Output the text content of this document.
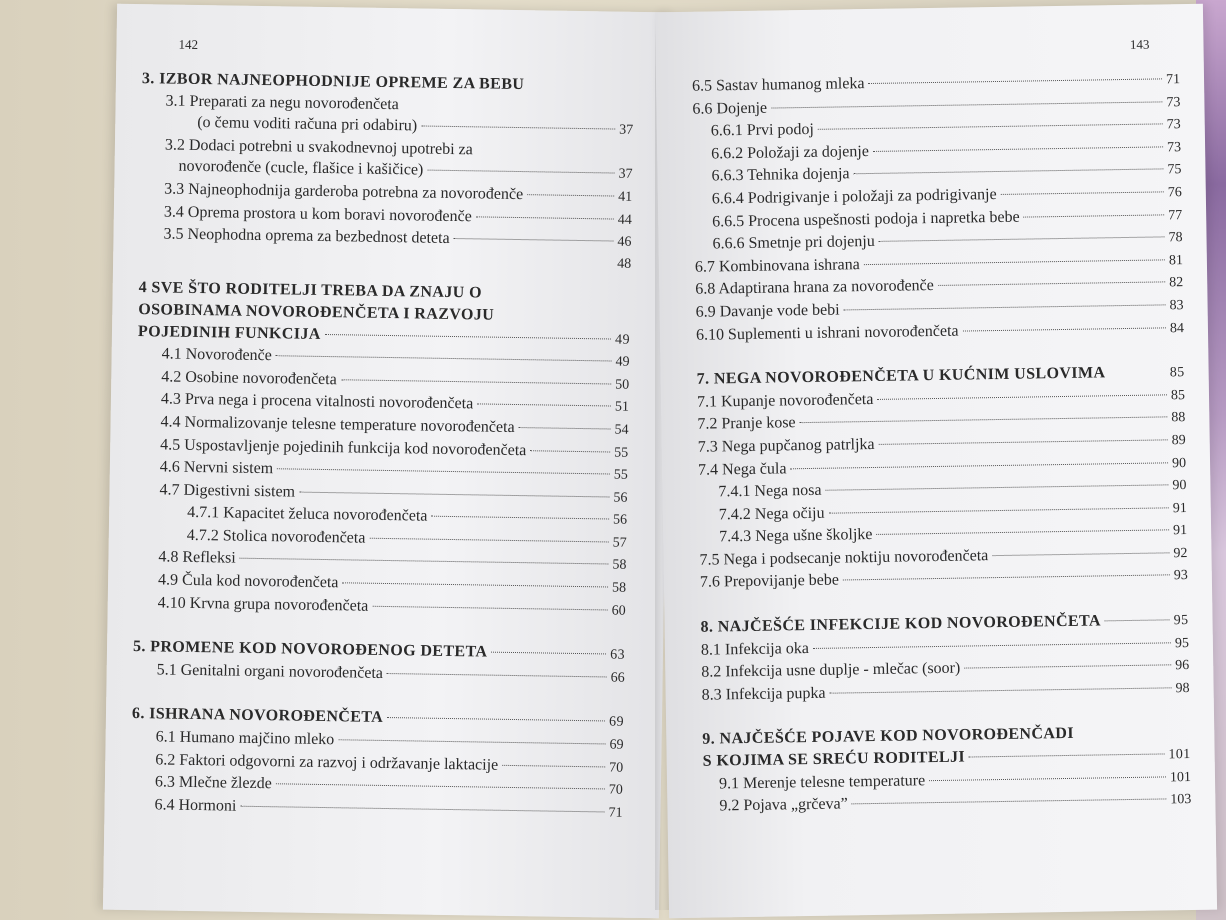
142
3. IZBOR NAJNEOPHODNIJE OPREME ZA BEBU
3.1 Preparati za negu novorođenčeta
(o čemu voditi računa pri odabiru)	37
3.2 Dodaci potrebni u svakodnevnoj upotrebi za
novorođenče (cucle, flašice i kašičice)	37
3.3 Najneophodnija garderoba potrebna za novorođenče	41
3.4 Oprema prostora u kom boravi novorođenče	44
3.5 Neophodna oprema za bezbednost deteta	46
48
4 SVE ŠTO RODITELJI TREBA DA ZNAJU O
OSOBINAMA NOVOROĐENČETA I RAZVOJU
POJEDINIH FUNKCIJA	49
4.1 Novorođenče	49
4.2 Osobine novorođenčeta	50
4.3 Prva nega i procena vitalnosti novorođenčeta	51
4.4 Normalizovanje telesne temperature novorođenčeta	54
4.5 Uspostavljenje pojedinih funkcija kod novorođenčeta	55
4.6 Nervni sistem	55
4.7 Digestivni sistem	56
4.7.1 Kapacitet želuca novorođenčeta	56
4.7.2 Stolica novorođenčeta	57
4.8 Refleksi	58
4.9 Čula kod novorođenčeta	58
4.10 Krvna grupa novorođenčeta	60
5. PROMENE KOD NOVOROĐENOG DETETA	63
5.1 Genitalni organi novorođenčeta	66
6. ISHRANA NOVOROĐENČETA	69
6.1 Humano majčino mleko	69
6.2 Faktori odgovorni za razvoj i održavanje laktacije	70
6.3 Mlečne žlezde	70
6.4 Hormoni	71
143
6.5 Sastav humanog mleka	71
6.6 Dojenje	73
6.6.1 Prvi podoj	73
6.6.2 Položaji za dojenje	73
6.6.3 Tehnika dojenja	75
6.6.4 Podrigivanje i položaji za podrigivanje	76
6.6.5 Procena uspešnosti podoja i napretka bebe	77
6.6.6 Smetnje pri dojenju	78
6.7 Kombinovana ishrana	81
6.8 Adaptirana hrana za novorođenče	82
6.9 Davanje vode bebi	83
6.10 Suplementi u ishrani novorođenčeta	84
7. NEGA NOVOROĐENČETA U KUĆNIM USLOVIMA	85
7.1 Kupanje novorođenčeta	85
7.2 Pranje kose	88
7.3 Nega pupčanog patrljka	89
7.4 Nega čula	90
7.4.1 Nega nosa	90
7.4.2 Nega očiju	91
7.4.3 Nega ušne školjke	91
7.5 Nega i podsecanje noktiju novorođenčeta	92
7.6 Prepovijanje bebe	93
8. NAJČEŠĆE INFEKCIJE KOD NOVOROĐENČETA	95
8.1 Infekcija oka	95
8.2 Infekcija usne duplje - mlečac (soor)	96
8.3 Infekcija pupka	98
9. NAJČEŠĆE POJAVE KOD NOVOROĐENČADI
S KOJIMA SE SREĆU RODITELJI	101
9.1 Merenje telesne temperature	101
9.2 Pojava „grčeva”	103
